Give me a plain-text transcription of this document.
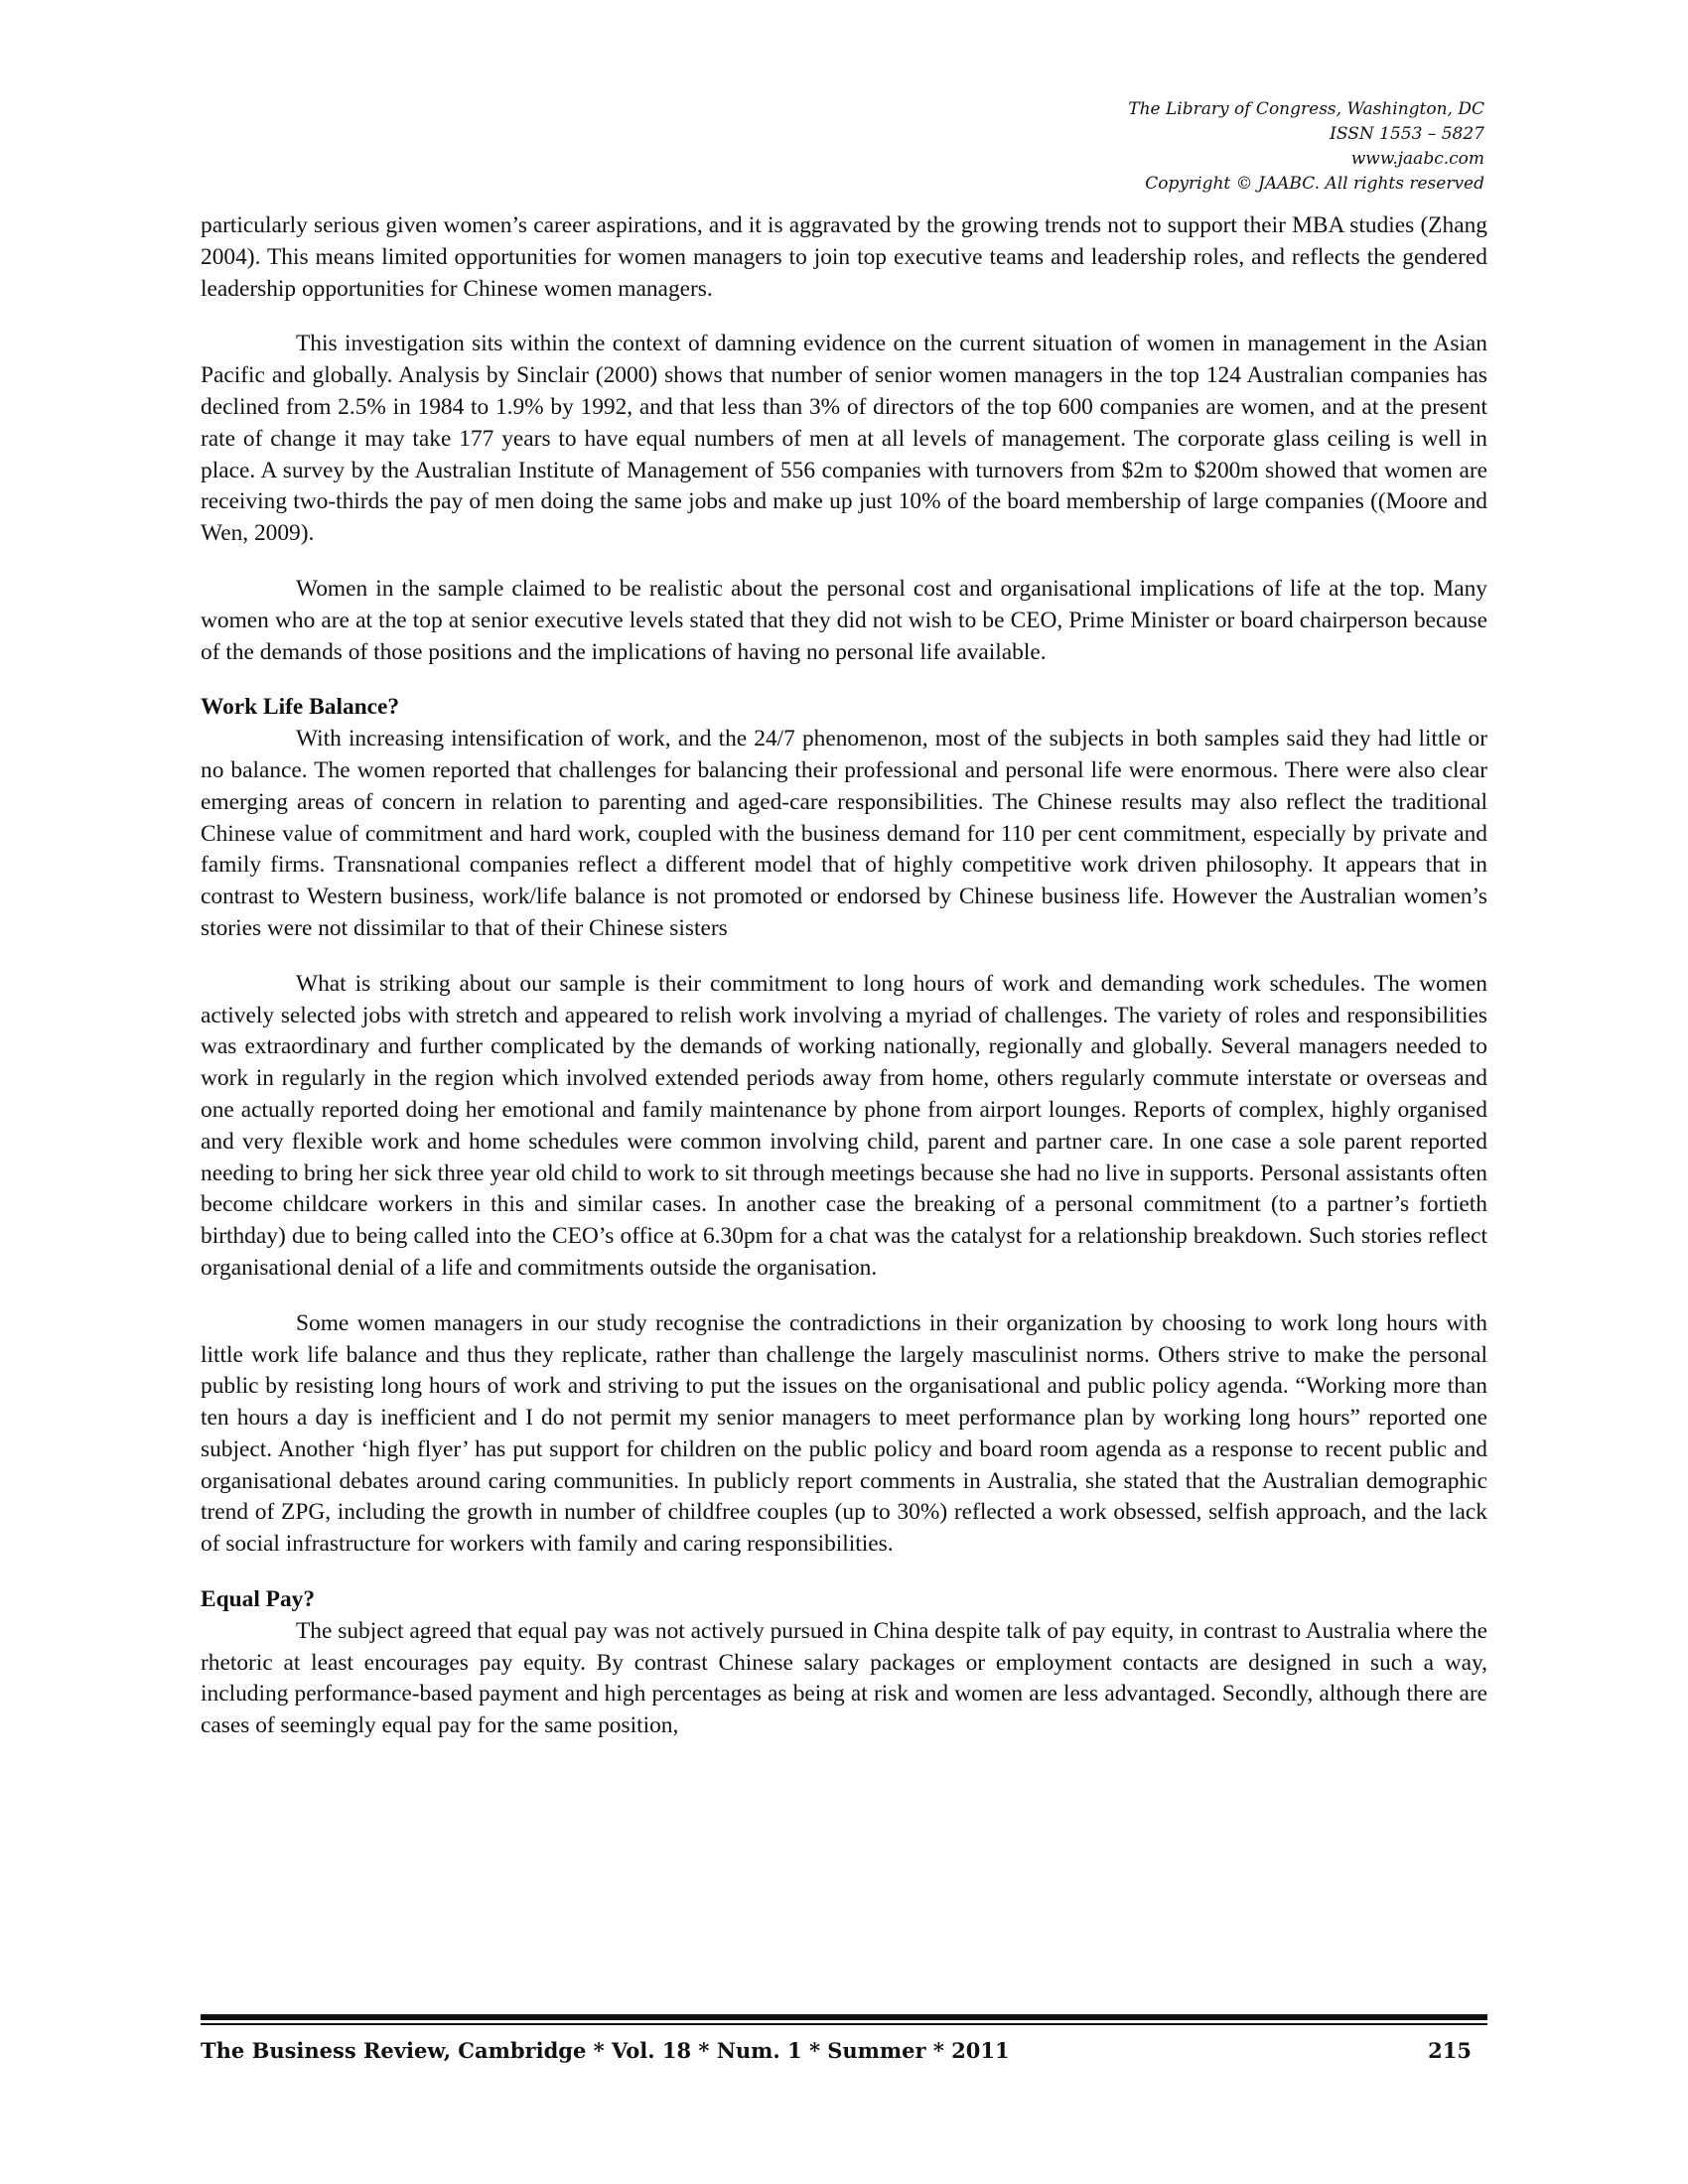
The Library of Congress, Washington, DC
ISSN 1553 – 5827
www.jaabc.com
Copyright © JAABC. All rights reserved

particularly serious given women’s career aspirations, and it is aggravated by the growing trends not to support their MBA studies (Zhang 2004). This means limited opportunities for women managers to join top executive teams and leadership roles, and reflects the gendered leadership opportunities for Chinese women managers.

This investigation sits within the context of damning evidence on the current situation of women in management in the Asian Pacific and globally. Analysis by Sinclair (2000) shows that number of senior women managers in the top 124 Australian companies has declined from 2.5% in 1984 to 1.9% by 1992, and that less than 3% of directors of the top 600 companies are women, and at the present rate of change it may take 177 years to have equal numbers of men at all levels of management. The corporate glass ceiling is well in place. A survey by the Australian Institute of Management of 556 companies with turnovers from $2m to $200m showed that women are receiving two-thirds the pay of men doing the same jobs and make up just 10% of the board membership of large companies ((Moore and Wen, 2009).

Women in the sample claimed to be realistic about the personal cost and organisational implications of life at the top. Many women who are at the top at senior executive levels stated that they did not wish to be CEO, Prime Minister or board chairperson because of the demands of those positions and the implications of having no personal life available.

Work Life Balance?

With increasing intensification of work, and the 24/7 phenomenon, most of the subjects in both samples said they had little or no balance. The women reported that challenges for balancing their professional and personal life were enormous. There were also clear emerging areas of concern in relation to parenting and aged-care responsibilities. The Chinese results may also reflect the traditional Chinese value of commitment and hard work, coupled with the business demand for 110 per cent commitment, especially by private and family firms. Transnational companies reflect a different model that of highly competitive work driven philosophy. It appears that in contrast to Western business, work/life balance is not promoted or endorsed by Chinese business life. However the Australian women’s stories were not dissimilar to that of their Chinese sisters

What is striking about our sample is their commitment to long hours of work and demanding work schedules. The women actively selected jobs with stretch and appeared to relish work involving a myriad of challenges. The variety of roles and responsibilities was extraordinary and further complicated by the demands of working nationally, regionally and globally. Several managers needed to work in regularly in the region which involved extended periods away from home, others regularly commute interstate or overseas and one actually reported doing her emotional and family maintenance by phone from airport lounges. Reports of complex, highly organised and very flexible work and home schedules were common involving child, parent and partner care. In one case a sole parent reported needing to bring her sick three year old child to work to sit through meetings because she had no live in supports. Personal assistants often become childcare workers in this and similar cases. In another case the breaking of a personal commitment (to a partner’s fortieth birthday) due to being called into the CEO’s office at 6.30pm for a chat was the catalyst for a relationship breakdown. Such stories reflect organisational denial of a life and commitments outside the organisation.

Some women managers in our study recognise the contradictions in their organization by choosing to work long hours with little work life balance and thus they replicate, rather than challenge the largely masculinist norms. Others strive to make the personal public by resisting long hours of work and striving to put the issues on the organisational and public policy agenda. “Working more than ten hours a day is inefficient and I do not permit my senior managers to meet performance plan by working long hours” reported one subject. Another ‘high flyer’ has put support for children on the public policy and board room agenda as a response to recent public and organisational debates around caring communities. In publicly report comments in Australia, she stated that the Australian demographic trend of ZPG, including the growth in number of childfree couples (up to 30%) reflected a work obsessed, selfish approach, and the lack of social infrastructure for workers with family and caring responsibilities.

Equal Pay?

The subject agreed that equal pay was not actively pursued in China despite talk of pay equity, in contrast to Australia where the rhetoric at least encourages pay equity. By contrast Chinese salary packages or employment contacts are designed in such a way, including performance-based payment and high percentages as being at risk and women are less advantaged. Secondly, although there are cases of seemingly equal pay for the same position,

The Business Review, Cambridge * Vol. 18 * Num. 1 * Summer * 2011	215
